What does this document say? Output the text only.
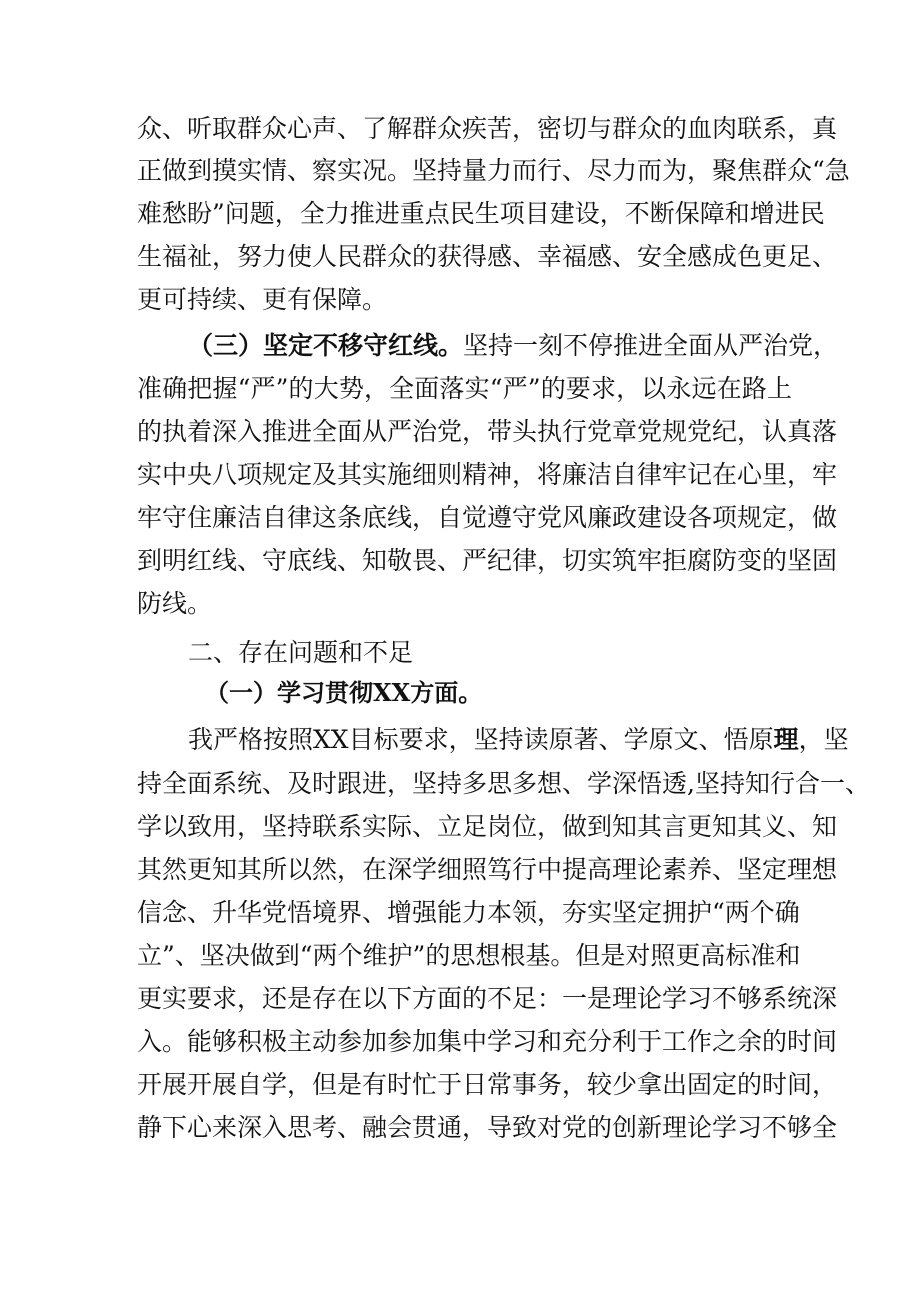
众、听取群众心声、了解群众疾苦，密切与群众的血肉联系，真
正做到摸实情、察实况。坚持量力而行、尽力而为，聚焦群众“急
难愁盼”问题，全力推进重点民生项目建设，不断保障和增进民
生福祉，努力使人民群众的获得感、幸福感、安全感成色更足、
更可持续、更有保障。
（三）坚定不移守红线。坚持一刻不停推进全面从严治党，
准确把握“严”的大势，全面落实“严”的要求，以永远在路上
的执着深入推进全面从严治党，带头执行党章党规党纪，认真落
实中央八项规定及其实施细则精神，将廉洁自律牢记在心里，牢
牢守住廉洁自律这条底线，自觉遵守党风廉政建设各项规定，做
到明红线、守底线、知敬畏、严纪律，切实筑牢拒腐防变的坚固
防线。
二、存在问题和不足
（一）学习贯彻XX方面。
我严格按照XX目标要求，坚持读原著、学原文、悟原理，坚
持全面系统、及时跟进，坚持多思多想、学深悟透,坚持知行合一、
学以致用，坚持联系实际、立足岗位，做到知其言更知其义、知
其然更知其所以然，在深学细照笃行中提高理论素养、坚定理想
信念、升华党悟境界、增强能力本领，夯实坚定拥护“两个确
立”、坚决做到“两个维护”的思想根基。但是对照更高标准和
更实要求，还是存在以下方面的不足：一是理论学习不够系统深
入。能够积极主动参加参加集中学习和充分利于工作之余的时间
开展开展自学，但是有时忙于日常事务，较少拿出固定的时间，
静下心来深入思考、融会贯通，导致对党的创新理论学习不够全
